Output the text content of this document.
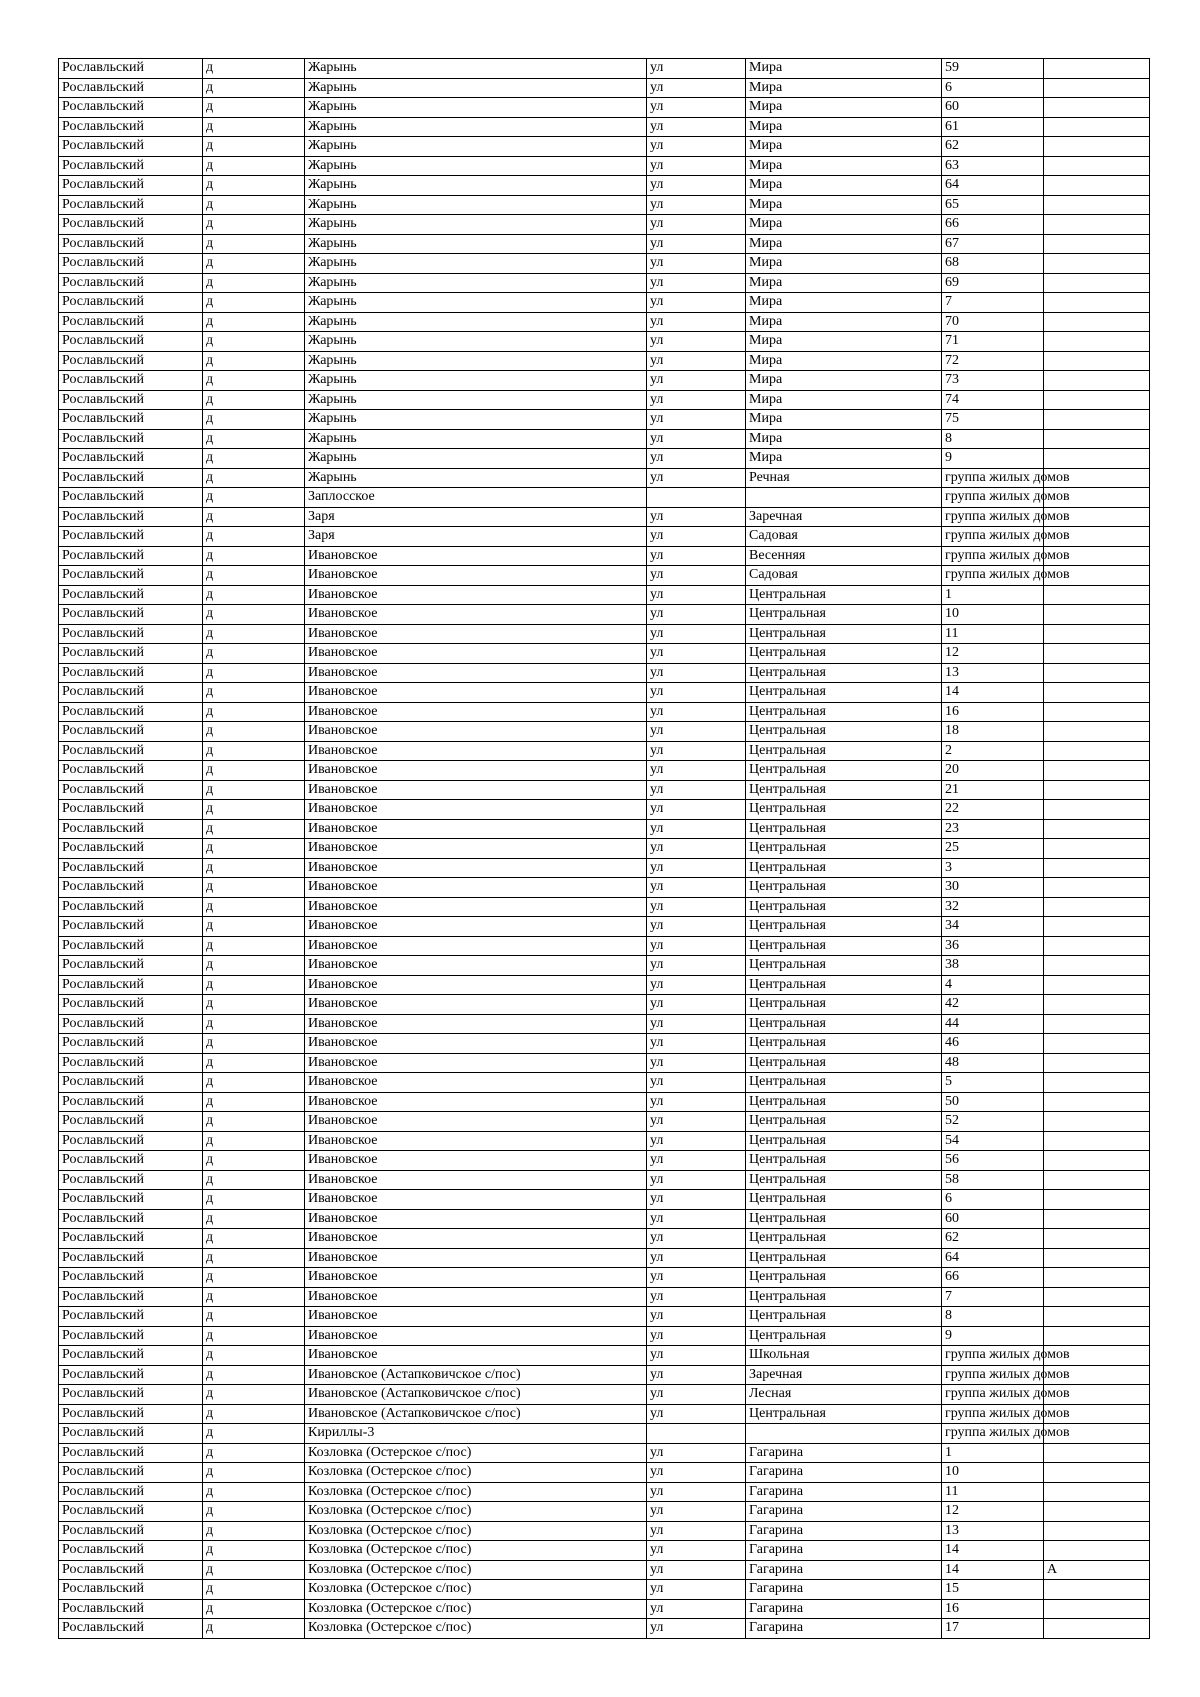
Рославльский	д	Жарынь	ул	Мира	59	
Рославльский	д	Жарынь	ул	Мира	6	
Рославльский	д	Жарынь	ул	Мира	60	
Рославльский	д	Жарынь	ул	Мира	61	
Рославльский	д	Жарынь	ул	Мира	62	
Рославльский	д	Жарынь	ул	Мира	63	
Рославльский	д	Жарынь	ул	Мира	64	
Рославльский	д	Жарынь	ул	Мира	65	
Рославльский	д	Жарынь	ул	Мира	66	
Рославльский	д	Жарынь	ул	Мира	67	
Рославльский	д	Жарынь	ул	Мира	68	
Рославльский	д	Жарынь	ул	Мира	69	
Рославльский	д	Жарынь	ул	Мира	7	
Рославльский	д	Жарынь	ул	Мира	70	
Рославльский	д	Жарынь	ул	Мира	71	
Рославльский	д	Жарынь	ул	Мира	72	
Рославльский	д	Жарынь	ул	Мира	73	
Рославльский	д	Жарынь	ул	Мира	74	
Рославльский	д	Жарынь	ул	Мира	75	
Рославльский	д	Жарынь	ул	Мира	8	
Рославльский	д	Жарынь	ул	Мира	9	
Рославльский	д	Жарынь	ул	Речная	группа жилых домов	
Рославльский	д	Заплосское			группа жилых домов	
Рославльский	д	Заря	ул	Заречная	группа жилых домов	
Рославльский	д	Заря	ул	Садовая	группа жилых домов	
Рославльский	д	Ивановское	ул	Весенняя	группа жилых домов	
Рославльский	д	Ивановское	ул	Садовая	группа жилых домов	
Рославльский	д	Ивановское	ул	Центральная	1	
Рославльский	д	Ивановское	ул	Центральная	10	
Рославльский	д	Ивановское	ул	Центральная	11	
Рославльский	д	Ивановское	ул	Центральная	12	
Рославльский	д	Ивановское	ул	Центральная	13	
Рославльский	д	Ивановское	ул	Центральная	14	
Рославльский	д	Ивановское	ул	Центральная	16	
Рославльский	д	Ивановское	ул	Центральная	18	
Рославльский	д	Ивановское	ул	Центральная	2	
Рославльский	д	Ивановское	ул	Центральная	20	
Рославльский	д	Ивановское	ул	Центральная	21	
Рославльский	д	Ивановское	ул	Центральная	22	
Рославльский	д	Ивановское	ул	Центральная	23	
Рославльский	д	Ивановское	ул	Центральная	25	
Рославльский	д	Ивановское	ул	Центральная	3	
Рославльский	д	Ивановское	ул	Центральная	30	
Рославльский	д	Ивановское	ул	Центральная	32	
Рославльский	д	Ивановское	ул	Центральная	34	
Рославльский	д	Ивановское	ул	Центральная	36	
Рославльский	д	Ивановское	ул	Центральная	38	
Рославльский	д	Ивановское	ул	Центральная	4	
Рославльский	д	Ивановское	ул	Центральная	42	
Рославльский	д	Ивановское	ул	Центральная	44	
Рославльский	д	Ивановское	ул	Центральная	46	
Рославльский	д	Ивановское	ул	Центральная	48	
Рославльский	д	Ивановское	ул	Центральная	5	
Рославльский	д	Ивановское	ул	Центральная	50	
Рославльский	д	Ивановское	ул	Центральная	52	
Рославльский	д	Ивановское	ул	Центральная	54	
Рославльский	д	Ивановское	ул	Центральная	56	
Рославльский	д	Ивановское	ул	Центральная	58	
Рославльский	д	Ивановское	ул	Центральная	6	
Рославльский	д	Ивановское	ул	Центральная	60	
Рославльский	д	Ивановское	ул	Центральная	62	
Рославльский	д	Ивановское	ул	Центральная	64	
Рославльский	д	Ивановское	ул	Центральная	66	
Рославльский	д	Ивановское	ул	Центральная	7	
Рославльский	д	Ивановское	ул	Центральная	8	
Рославльский	д	Ивановское	ул	Центральная	9	
Рославльский	д	Ивановское	ул	Школьная	группа жилых домов	
Рославльский	д	Ивановское (Астапковичское с/пос)	ул	Заречная	группа жилых домов	
Рославльский	д	Ивановское (Астапковичское с/пос)	ул	Лесная	группа жилых домов	
Рославльский	д	Ивановское (Астапковичское с/пос)	ул	Центральная	группа жилых домов	
Рославльский	д	Кириллы-3			группа жилых домов	
Рославльский	д	Козловка (Остерское с/пос)	ул	Гагарина	1	
Рославльский	д	Козловка (Остерское с/пос)	ул	Гагарина	10	
Рославльский	д	Козловка (Остерское с/пос)	ул	Гагарина	11	
Рославльский	д	Козловка (Остерское с/пос)	ул	Гагарина	12	
Рославльский	д	Козловка (Остерское с/пос)	ул	Гагарина	13	
Рославльский	д	Козловка (Остерское с/пос)	ул	Гагарина	14	
Рославльский	д	Козловка (Остерское с/пос)	ул	Гагарина	14	А
Рославльский	д	Козловка (Остерское с/пос)	ул	Гагарина	15	
Рославльский	д	Козловка (Остерское с/пос)	ул	Гагарина	16	
Рославльский	д	Козловка (Остерское с/пос)	ул	Гагарина	17	
